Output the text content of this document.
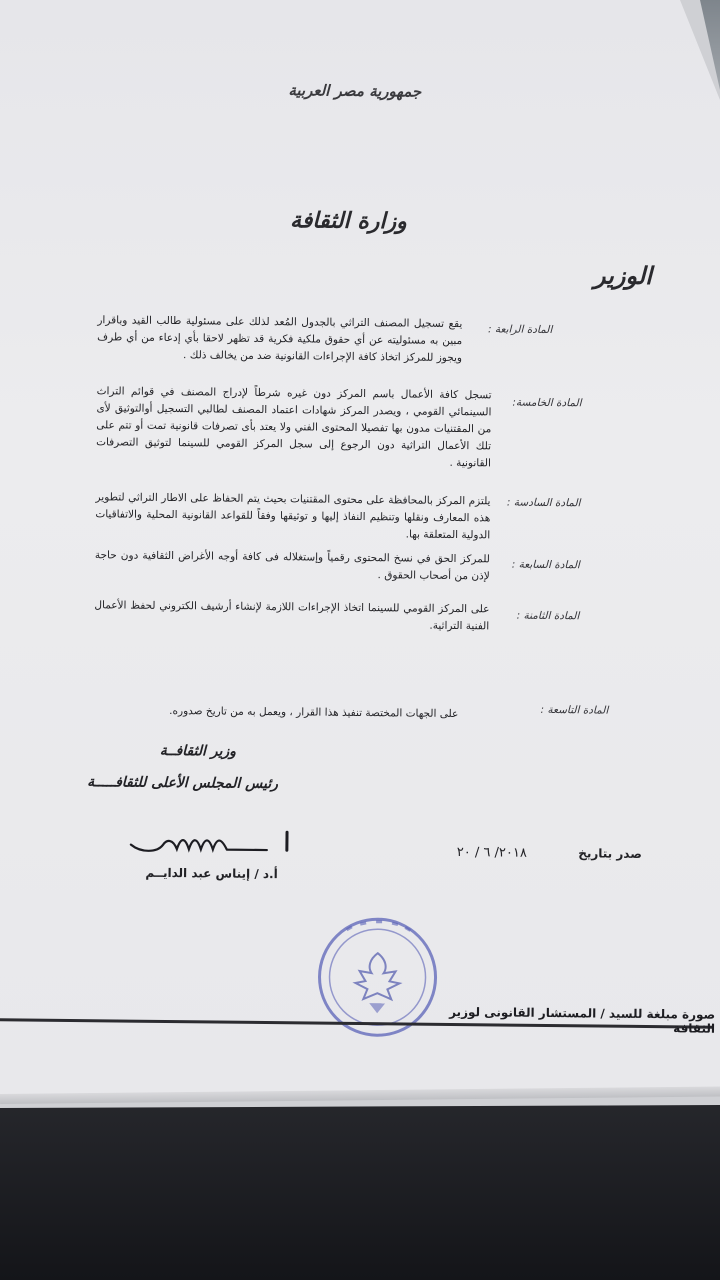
جمهورية مصر العربية
وزارة الثقافة
الوزير
المادة الرابعة :
يقع تسجيل المصنف التراثي بالجدول المُعد لذلك على مسئولية طالب القيد وباقرار مبين به مسئوليته عن أي حقوق ملكية فكرية قد تظهر لاحقا بأي إدعاء من أي طرف ويجوز للمركز اتخاذ كافة الإجراءات القانونية ضد من يخالف ذلك .
المادة الخامسة:
تسجل كافة الأعمال باسم المركز دون غيره شرطاً لإدراج المصنف في قوائم التراث السينمائي القومي ، ويصدر المركز شهادات اعتماد المصنف لطالبي التسجيل أوالتوثيق لأى من المقتنيات مدون بها تفصيلا المحتوى الفني ولا يعتد بأى تصرفات قانونية تمت أو تتم على تلك الأعمال التراثية دون الرجوع إلى سجل المركز القومي للسينما لتوثيق التصرفات القانونية .
المادة السادسة :
يلتزم المركز بالمحافظة على محتوى المقتنيات بحيث يتم الحفاظ على الاطار التراثي لتطوير هذه المعارف ونقلها وتنظيم النفاذ إليها و توثيقها وفقاً للقواعد القانونية المحلية والاتفاقيات الدولية المتعلقة بها.
المادة السابعة :
للمركز الحق في نسخ المحتوى رقمياً وإستغلاله فى كافة أوجه الأغراض الثقافية دون حاجة لإذن من أصحاب الحقوق .
المادة الثامنة :
على المركز القومي للسينما اتخاذ الإجراءات اللازمة لإنشاء أرشيف الكتروني لحفظ الأعمال الفنية التراثية.
المادة التاسعة :
على الجهات المختصة تنفيذ هذا القرار ، ويعمل به من تاريخ صدوره.
وزير الثقافــة
رئيس المجلس الأعلى للثقافـــــة
أ.د / إيناس عبد الدايــم
صدر بتاريخ
٢٠١٨/ ٦ / ٢٠
صورة مبلغة للسيد / المستشار القانونى لوزير الثقافة
